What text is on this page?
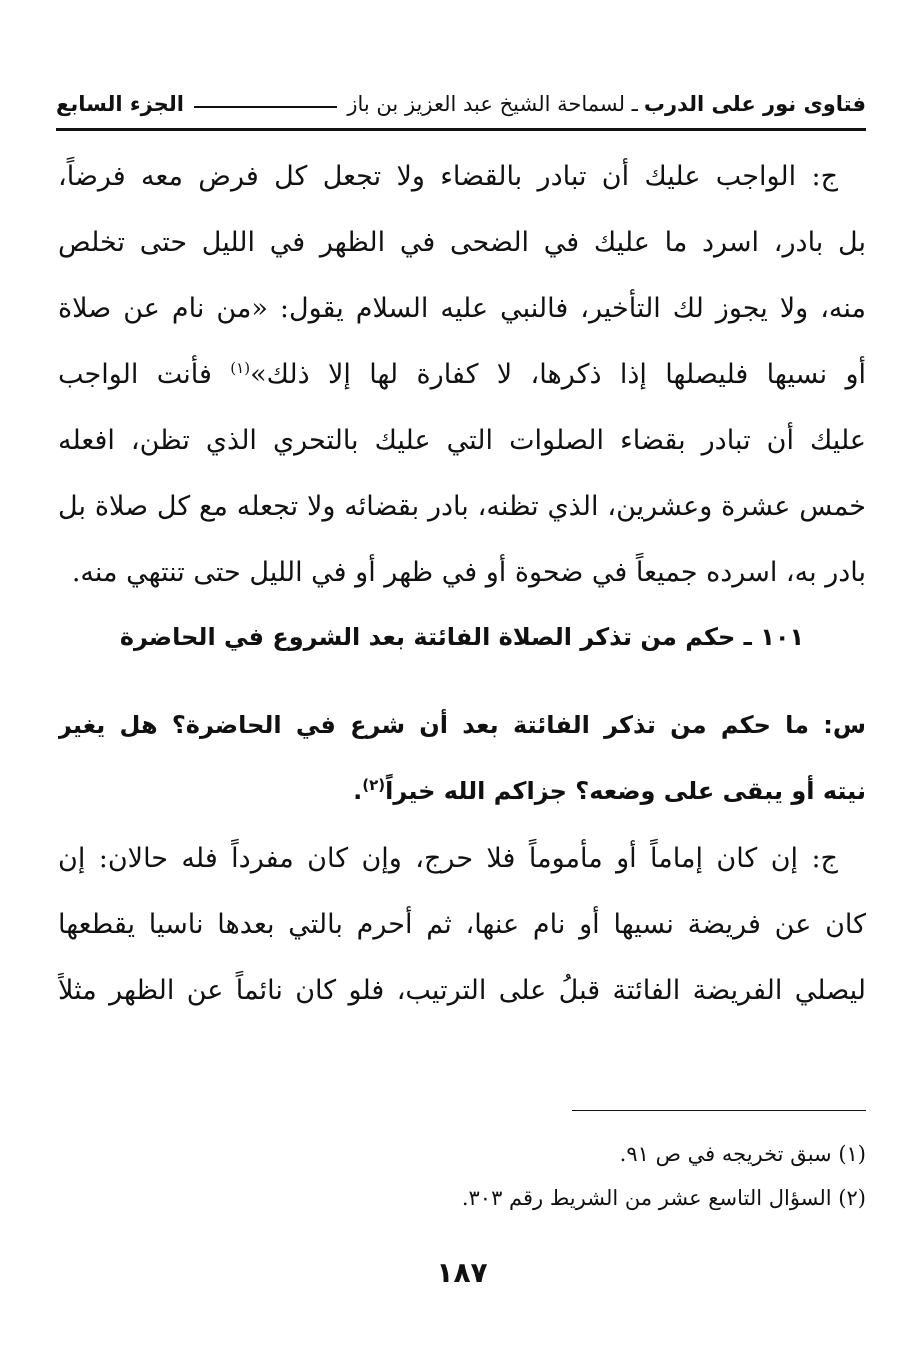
فتاوى نور على الدرب
ـ لسماحة الشيخ عبد العزيز بن باز
الجزء السابع
ج: الواجب عليك أن تبادر بالقضاء ولا تجعل كل فرض معه فرضاً،
بل بادر، اسرد ما عليك في الضحى في الظهر في الليل حتى تخلص
منه، ولا يجوز لك التأخير، فالنبي عليه السلام يقول: «من نام عن صلاة
أو نسيها فليصلها إذا ذكرها، لا كفارة لها إلا ذلك»$^{(١)}$ فأنت الواجب
عليك أن تبادر بقضاء الصلوات التي عليك بالتحري الذي تظن، افعله
خمس عشرة وعشرين، الذي تظنه، بادر بقضائه ولا تجعله مع كل صلاة بل
بادر به، اسرده جميعاً في ضحوة أو في ظهر أو في الليل حتى تنتهي منه.
١٠١ ـ حكم من تذكر الصلاة الفائتة بعد الشروع في الحاضرة
س: ما حكم من تذكر الفائتة بعد أن شرع في الحاضرة؟ هل يغير
نيته أو يبقى على وضعه؟ جزاكم الله خيراً$^{(٢)}$.
ج: إن كان إماماً أو مأموماً فلا حرج، وإن كان مفرداً فله حالان: إن
كان عن فريضة نسيها أو نام عنها، ثم أحرم بالتي بعدها ناسيا يقطعها
ليصلي الفريضة الفائتة قبلُ على الترتيب، فلو كان نائماً عن الظهر مثلاً
(١) سبق تخريجه في ص ٩١.
(٢) السؤال التاسع عشر من الشريط رقم ٣٠٣.
١٨٧
